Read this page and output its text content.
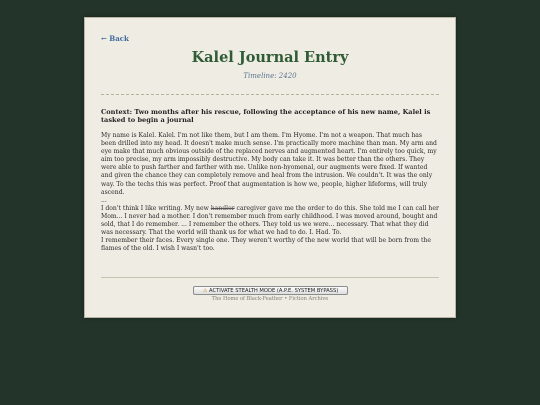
← Back
Kalel Journal Entry
Timeline: 2420
Context: Two months after his rescue, following the acceptance of his new name, Kalel is tasked to begin a journal

My name is Kalel. Kalel. I'm not like them, but I am them. I'm Hyome. I'm not a weapon. That much has been drilled into my head. It doesn't make much sense. I'm practically more machine than man. My arm and eye make that much obvious outside of the replaced nerves and augmented heart. I'm entirely too quick, my aim too precise, my arm impossibly destructive. My body can take it. It was better than the others. They were able to push farther and farther with me. Unlike non-hyomenal, our augments were fixed. If wanted and given the chance they can completely remove and heal from the intrusion. We couldn't. It was the only way. To the techs this was perfect. Proof that augmentation is how we, people, higher lifeforms, will truly ascend.

...

I don't think I like writing. My new handler caregiver gave me the order to do this. She told me I can call her Mom... I never had a mother. I don't remember much from early childhood. I was moved around, bought and sold, that I do remember. ... I remember the others. They told us we were... necessary. That what they did was necessary. That the world will thank us for what we had to do. I. Had. To.

I remember their faces. Every single one. They weren't worthy of the new world that will be born from the flames of the old. I wish I wasn't too.

⚠ ACTIVATE STEALTH MODE (A.P.E. SYSTEM BYPASS)
The Home of Black-Feather • Fiction Archive
